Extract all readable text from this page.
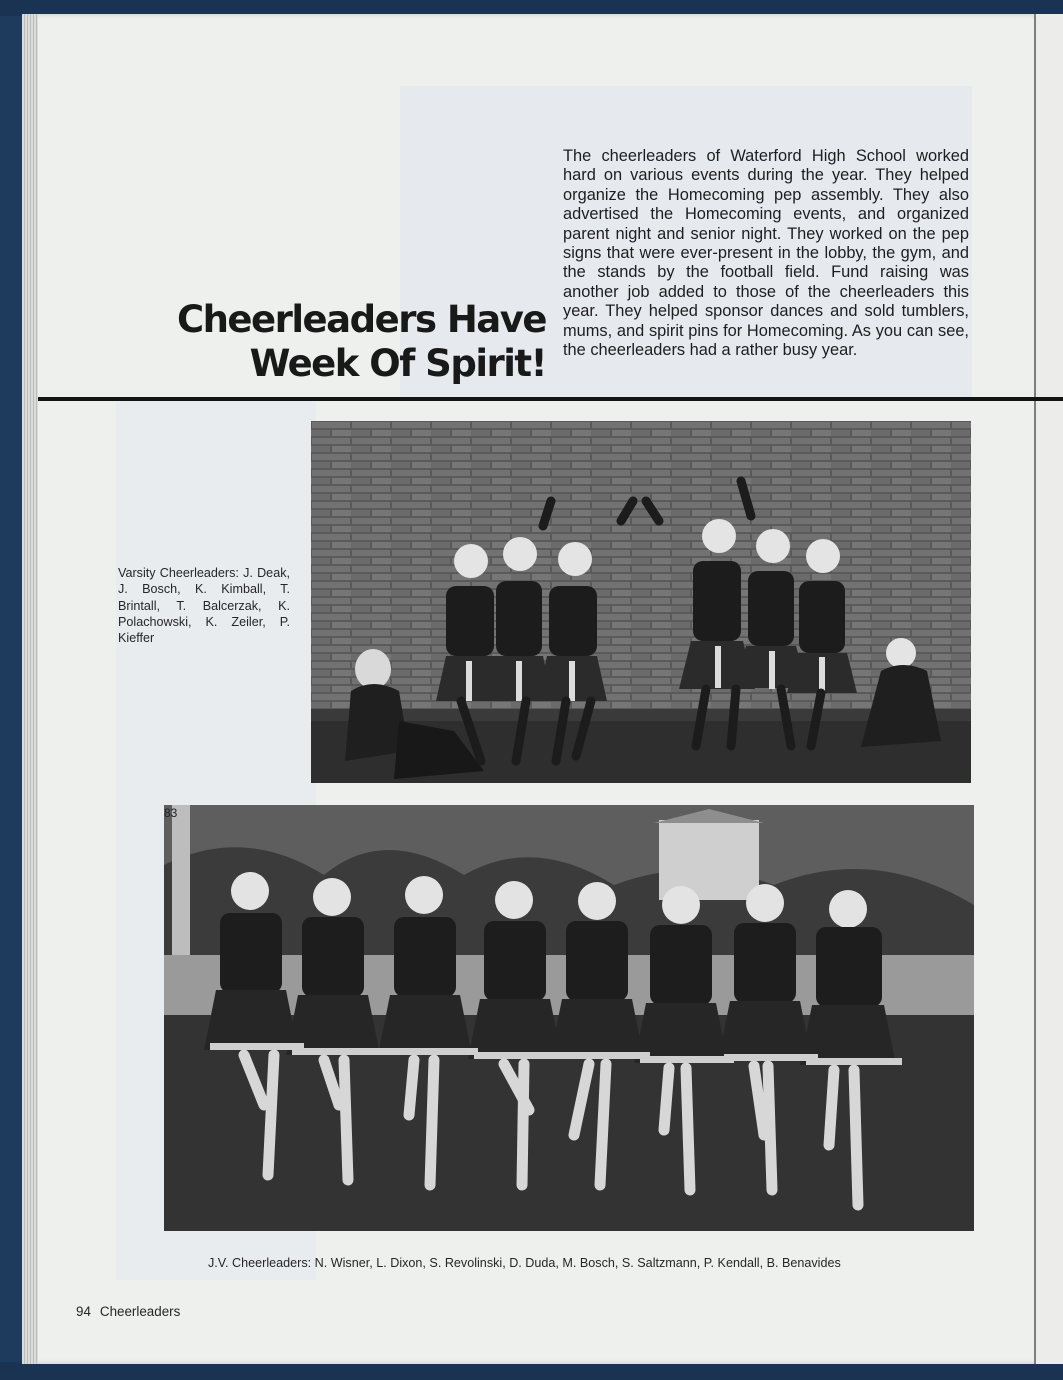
Cheerleaders Have
Week Of Spirit!
The cheerleaders of Waterford High School worked hard on various events during the year. They helped organize the Homecoming pep assembly. They also advertised the Homecoming events, and organized parent night and senior night. They worked on the pep signs that were ever-present in the lobby, the gym, and the stands by the football field. Fund raising was another job added to those of the cheerleaders this year. They helped sponsor dances and sold tumblers, mums, and spirit pins for Homecoming. As you can see, the cheerleaders had a rather busy year.
Varsity Cheerleaders: J. Deak, J. Bosch, K. Kimball, T. Brintall, T. Balcerzak, K. Polachowski, K. Zeiler, P. Kieffer
83
J.V. Cheerleaders: N. Wisner, L. Dixon, S. Revolinski, D. Duda, M. Bosch, S. Saltzmann, P. Kendall, B. Benavides
94 Cheerleaders
